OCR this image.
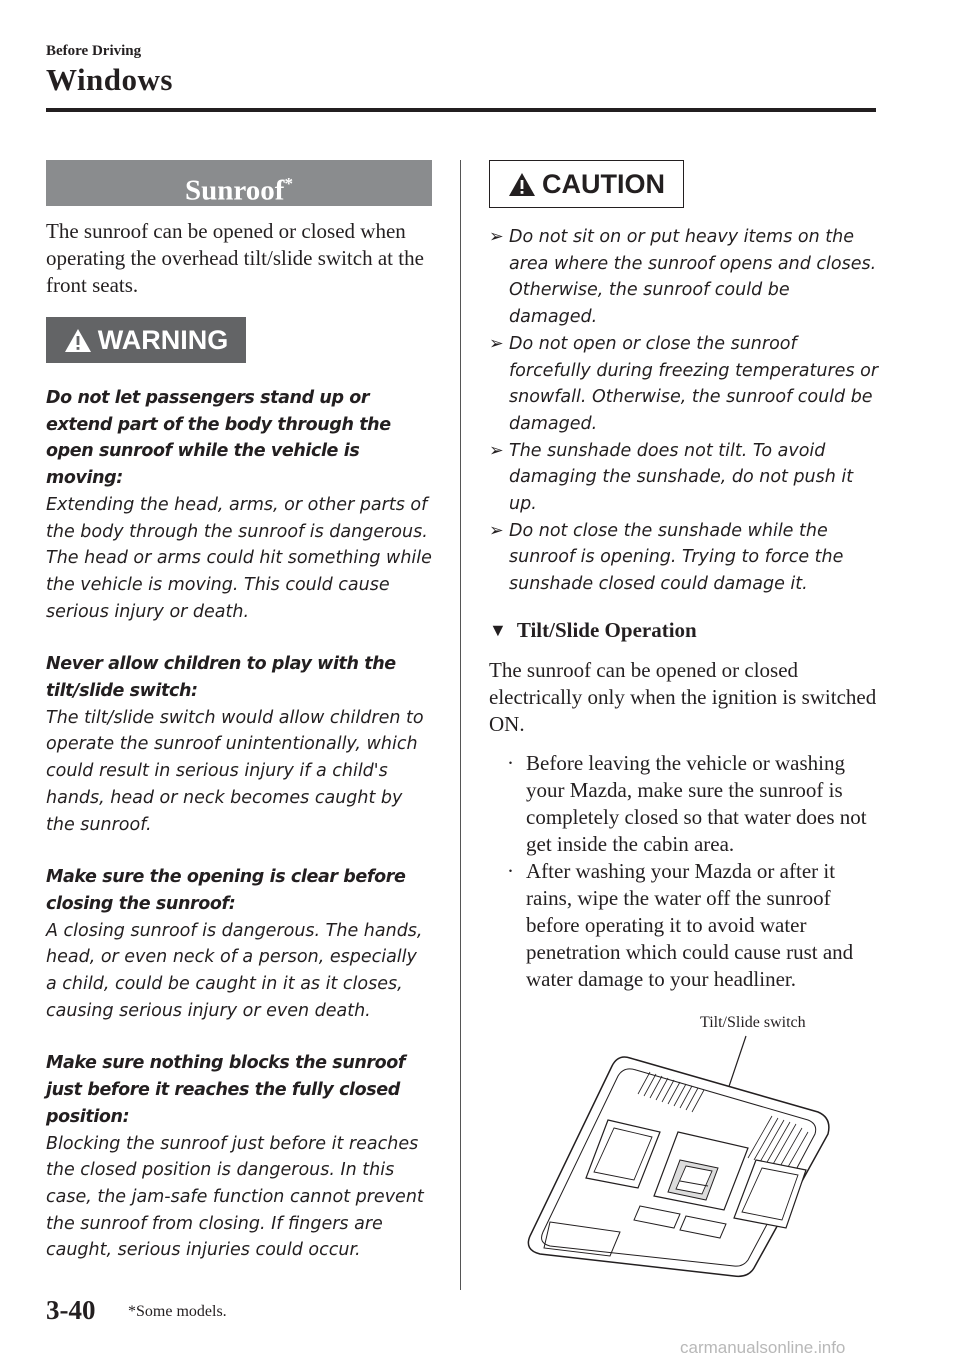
Before Driving
Windows
Sunroof*

The sunroof can be opened or closed when operating the overhead tilt/slide switch at the front seats.

WARNING
Do not let passengers stand up or extend part of the body through the open sunroof while the vehicle is moving:
Extending the head, arms, or other parts of the body through the sunroof is dangerous. The head or arms could hit something while the vehicle is moving. This could cause serious injury or death.
Never allow children to play with the tilt/slide switch:
The tilt/slide switch would allow children to operate the sunroof unintentionally, which could result in serious injury if a child's hands, head or neck becomes caught by the sunroof.
Make sure the opening is clear before closing the sunroof:
A closing sunroof is dangerous. The hands, head, or even neck of a person, especially a child, could be caught in it as it closes, causing serious injury or even death.
Make sure nothing blocks the sunroof just before it reaches the fully closed position:
Blocking the sunroof just before it reaches the closed position is dangerous. In this case, the jam-safe function cannot prevent the sunroof from closing. If fingers are caught, serious injuries could occur.
CAUTION
➢ Do not sit on or put heavy items on the area where the sunroof opens and closes. Otherwise, the sunroof could be damaged.
➢ Do not open or close the sunroof forcefully during freezing temperatures or snowfall. Otherwise, the sunroof could be damaged.
➢ The sunshade does not tilt. To avoid damaging the sunshade, do not push it up.
➢ Do not close the sunshade while the sunroof is opening. Trying to force the sunshade closed could damage it.
▼ Tilt/Slide Operation

The sunroof can be opened or closed electrically only when the ignition is switched ON.

· Before leaving the vehicle or washing your Mazda, make sure the sunroof is completely closed so that water does not get inside the cabin area.
· After washing your Mazda or after it rains, wipe the water off the sunroof before operating it to avoid water penetration which could cause rust and water damage to your headliner.
Tilt/Slide switch
3-40 *Some models.
carmanualsonline.info
